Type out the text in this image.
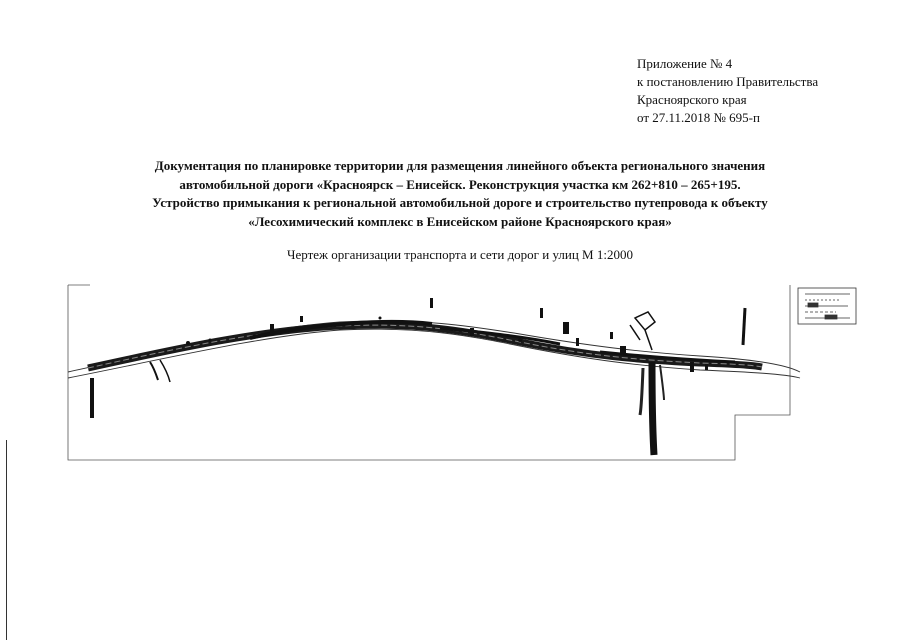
Приложение № 4
к постановлению Правительства
Красноярского края
от 27.11.2018 № 695-п
Документация по планировке территории для размещения линейного объекта регионального значения
автомобильной дороги «Красноярск – Енисейск. Реконструкция участка км 262+810 – 265+195.
Устройство примыкания к региональной автомобильной дороге и строительство путепровода к объекту
«Лесохимический комплекс в Енисейском районе Красноярского края»
Чертеж организации транспорта и сети дорог и улиц М 1:2000
